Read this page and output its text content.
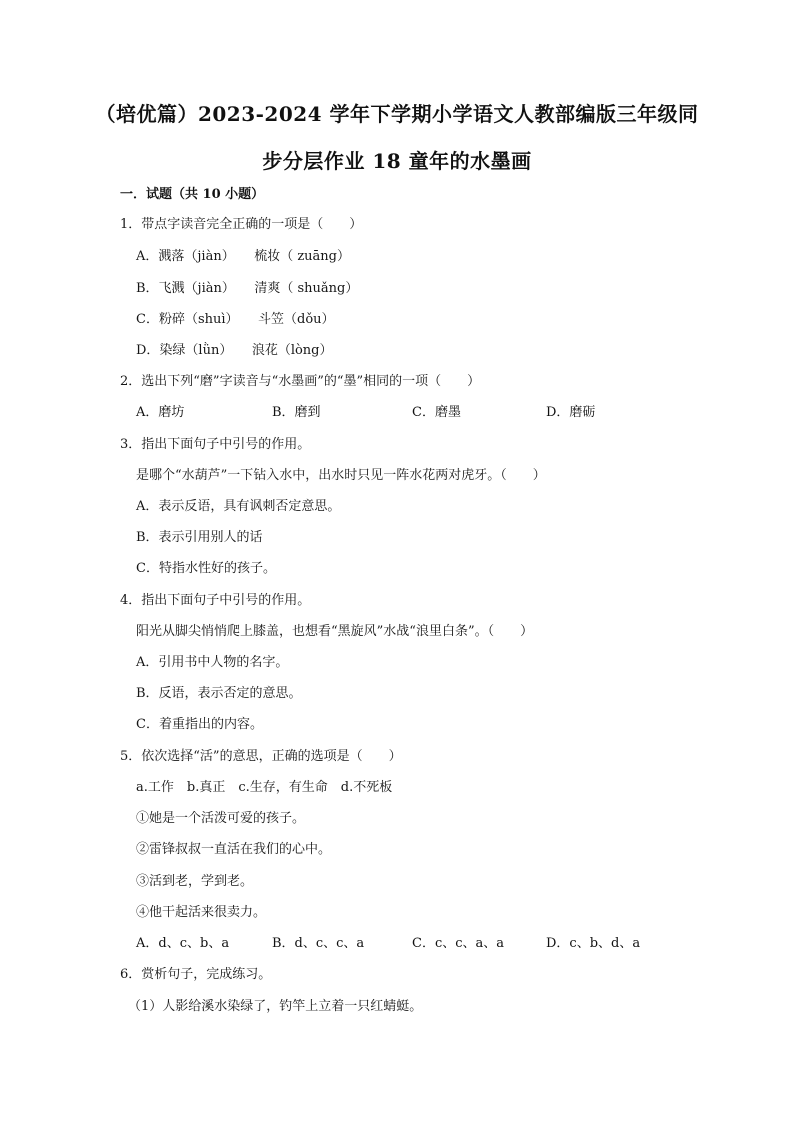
（培优篇）2023-2024 学年下学期小学语文人教部编版三年级同
步分层作业 18 童年的水墨画
一．试题（共 10 小题）
1．带点字读音完全正确的一项是（　　）
A．溅落（jiàn）　　梳妆（ zuāng）
B．飞溅（jiàn）　　清爽（ shuǎng）
C．粉碎（shuì）　　斗笠（dǒu）
D．染绿（lǜn）　　浪花（lòng）
2．选出下列“磨”字读音与“水墨画”的“墨”相同的一项（　　）
A．磨坊	B．磨到	C．磨墨	D．磨砺
3．指出下面句子中引号的作用。
是哪个“水葫芦”一下钻入水中，出水时只见一阵水花两对虎牙。（　　）
A．表示反语，具有讽刺否定意思。
B．表示引用别人的话
C．特指水性好的孩子。
4．指出下面句子中引号的作用。
阳光从脚尖悄悄爬上膝盖，也想看“黑旋风”水战“浪里白条”。（　　）
A．引用书中人物的名字。
B．反语，表示否定的意思。
C．着重指出的内容。
5．依次选择“活”的意思，正确的选项是（　　）
a.工作　b.真正　c.生存，有生命　d.不死板
①她是一个活泼可爱的孩子。
②雷锋叔叔一直活在我们的心中。
③活到老，学到老。
④他干起活来很卖力。
A．d、c、b、a	B．d、c、c、a	C．c、c、a、a	D．c、b、d、a
6．赏析句子，完成练习。
（1）人影给溪水染绿了，钓竿上立着一只红蜻蜓。
